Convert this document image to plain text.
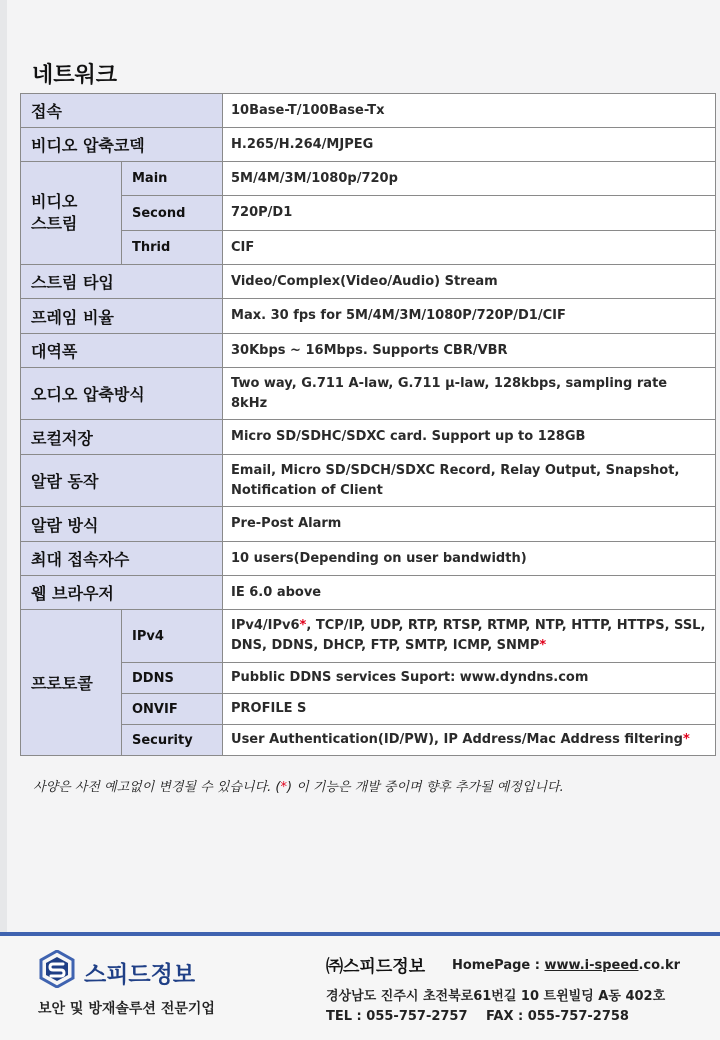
네트워크
접속		10Base-T/100Base-Tx
비디오 압축코덱		H.265/H.264/MJPEG
비디오 스트림	Main	5M/4M/3M/1080p/720p
	Second	720P/D1
	Thrid	CIF
스트림 타입		Video/Complex(Video/Audio) Stream
프레임 비율		Max. 30 fps for 5M/4M/3M/1080P/720P/D1/CIF
대역폭		30Kbps ~ 16Mbps. Supports CBR/VBR
오디오 압축방식		Two way, G.711 A-law, G.711 μ-law, 128kbps, sampling rate 8kHz
로컬저장		Micro SD/SDHC/SDXC card. Support up to 128GB
알람 동작		Email, Micro SD/SDCH/SDXC Record, Relay Output, Snapshot, Notification of Client
알람 방식		Pre-Post Alarm
최대 접속자수		10 users(Depending on user bandwidth)
웹 브라우저		IE 6.0 above
프로토콜	IPv4	IPv4/IPv6*, TCP/IP, UDP, RTP, RTSP, RTMP, NTP, HTTP, HTTPS, SSL, DNS, DDNS, DHCP, FTP, SMTP, ICMP, SNMP*
	DDNS	Pubblic DDNS services Suport: www.dyndns.com
	ONVIF	PROFILE S
	Security	User Authentication(ID/PW), IP Address/Mac Address filtering*
사양은 사전 예고없이 변경될 수 있습니다. (*) 이 기능은 개발 중이며 향후 추가될 예정입니다.
스피드정보
보안 및 방재솔루션 전문기업
㈜스피드정보 HomePage : www.i-speed.co.kr
경상남도 진주시 초전북로61번길 10 트윈빌딩 A동 402호
TEL : 055-757-2757 FAX : 055-757-2758
